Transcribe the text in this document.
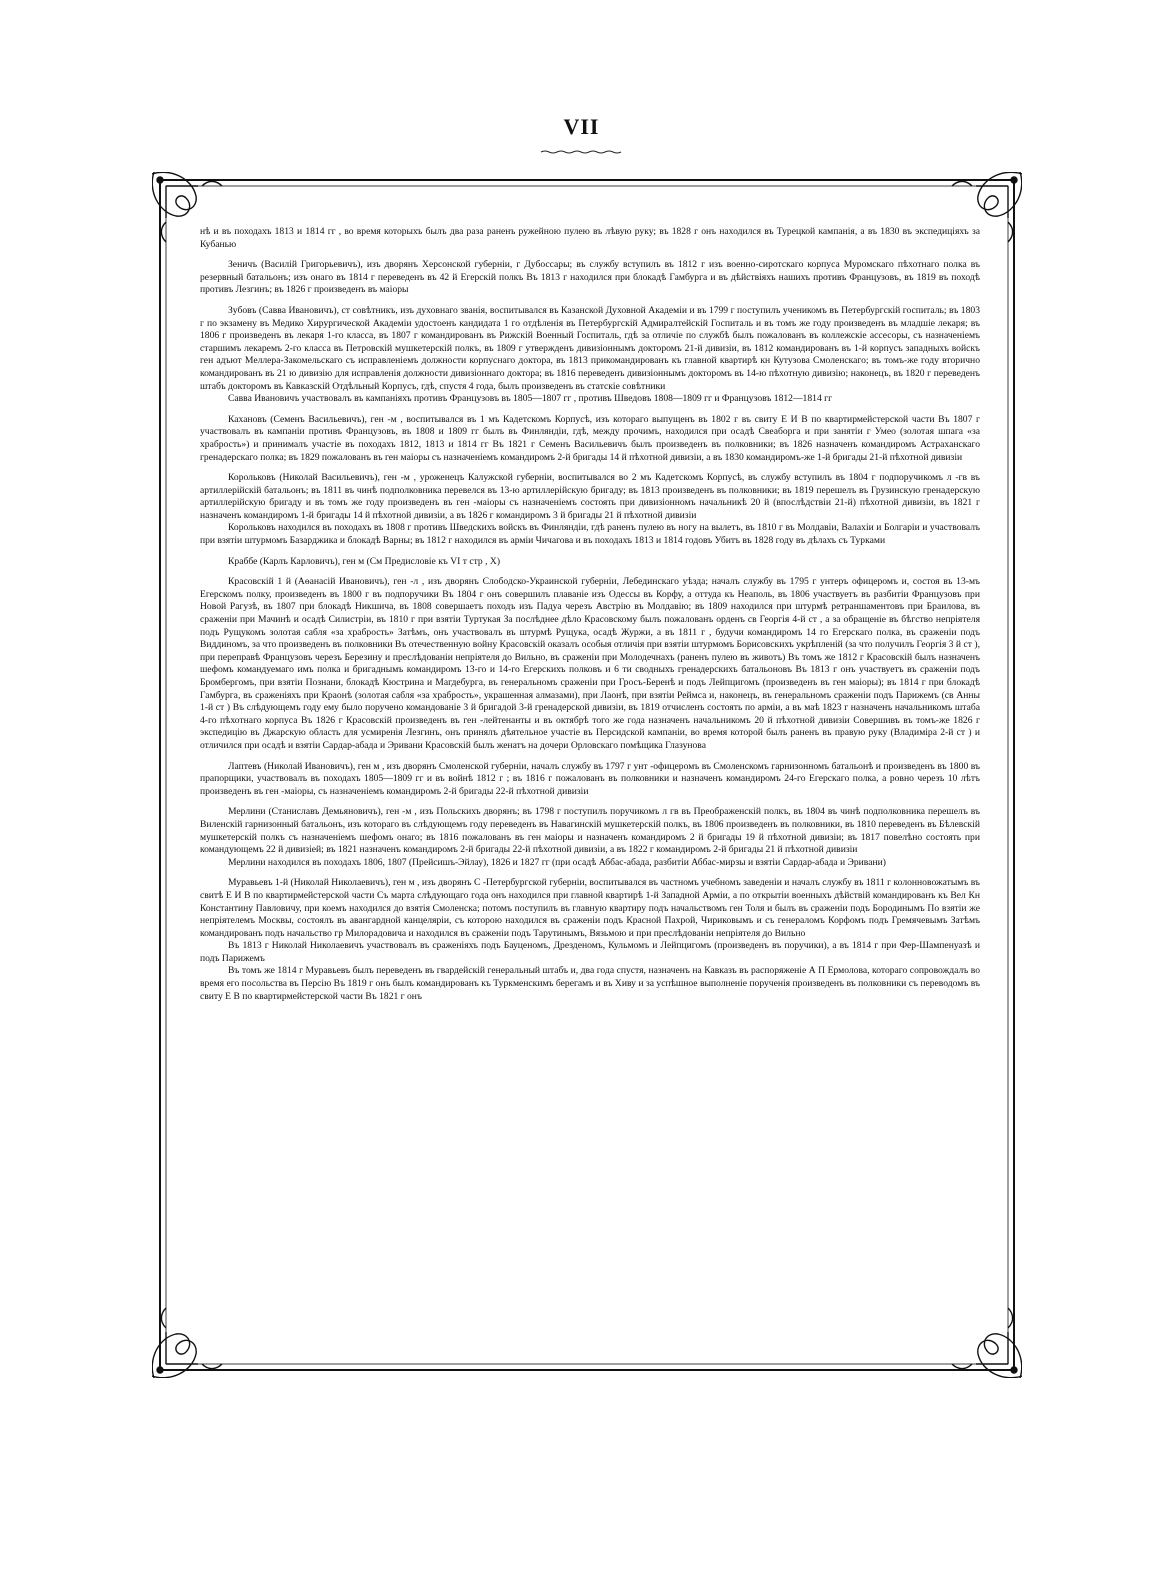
VII

нѣ и въ походахъ 1813 и 1814 гг , во время которыхъ былъ два раза раненъ ружейною пулею въ лѣвую руку; въ 1828 г онъ находился въ Турецкой кампанія, а въ 1830 въ экспедиціяхъ за Кубанью

Зеничъ (Василій Григорьевичъ), изъ дворянъ Херсонской губерніи, г Дубоссары; въ службу вступилъ въ 1812 г изъ военно-сиротскаго корпуса Муромскаго пѣхотнаго полка въ резервный батальонъ; изъ онаго въ 1814 г переведенъ въ 42 й Егерскій полкъ Въ 1813 г находился при блокадѣ Гамбурга и въ дѣйствіяхъ нашихъ противъ Французовъ, въ 1819 въ походѣ противъ Лезгинъ; въ 1826 г произведенъ въ маіоры

Зубовъ (Савва Ивановичъ), ст совѣтникъ, изъ духовнаго званія, воспитывался въ Казанской Духовной Академіи и въ 1799 г поступилъ ученикомъ въ Петербургскій госпиталь; въ 1803 г по экзамену въ Медико Хирургической Академіи удостоенъ кандидата 1 го отдѣленія въ Петербургскій Адмиралтейскій Госпиталь и въ томъ же году произведенъ въ младшіе лекаря; въ 1806 г произведенъ въ лекаря 1-го класса, въ 1807 г командированъ въ Рижскій Военный Госпиталь, гдѣ за отличіе по службѣ былъ пожалованъ въ коллежскіе ассесоры, съ назначеніемъ старшимъ лекаремъ 2-го класса въ Петровскій мушкетерскій полкъ, въ 1809 г утвержденъ дивизіоннымъ докторомъ 21-й дивизіи, въ 1812 командированъ въ 1-й корпусъ западныхъ войскъ ген адъют Меллера-Закомельскаго съ исправленіемъ должности корпуснаго доктора, въ 1813 прикомандированъ къ главной квартирѣ кн Кутузова Смоленскаго; въ томъ-же году вторично командированъ въ 21 ю дивизію для исправленія должности дивизіоннаго доктора; въ 1816 переведенъ дивизіоннымъ докторомъ въ 14-ю пѣхотную дивизію; наконецъ, въ 1820 г переведенъ штабъ докторомъ въ Кавказскій Отдѣльный Корпусъ, гдѣ, спустя 4 года, былъ произведенъ въ статскіе совѣтники

Савва Ивановичъ участвовалъ въ кампаніяхъ противъ Французовъ въ 1805—1807 гг , противъ Шведовъ 1808—1809 гг и Французовъ 1812—1814 гг

Кахановъ (Семенъ Васильевичъ), ген -м , воспитывался въ 1 мъ Кадетскомъ Корпусѣ, изъ котораго выпущенъ въ 1802 г въ свиту Е И В по квартирмейстерской части Въ 1807 г участвовалъ въ кампаніи противъ Французовъ, въ 1808 и 1809 гг былъ въ Финляндіи, гдѣ, между прочимъ, находился при осадѣ Свеаборга и при занятіи г Умео (золотая шпага «за храбрость») и принималъ участіе въ походахъ 1812, 1813 и 1814 гг Въ 1821 г Семенъ Васильевичъ былъ произведенъ въ полковники; въ 1826 назначенъ командиромъ Астраханскаго гренадерскаго полка; въ 1829 пожалованъ въ ген маіоры съ назначеніемъ командиромъ 2-й бригады 14 й пѣхотной дивизіи, а въ 1830 командиромъ-же 1-й бригады 21-й пѣхотной дивизіи

Корольковъ (Николай Васильевичъ), ген -м , уроженецъ Калужской губерніи, воспитывался во 2 мъ Кадетскомъ Корпусѣ, въ службу вступилъ въ 1804 г подпоручикомъ л -гв въ артиллерійскій батальонъ; въ 1811 въ чинѣ подполковника перевелся въ 13-ю артиллерійскую бригаду; въ 1813 произведенъ въ полковники; въ 1819 перешелъ въ Грузинскую гренадерскую артиллерійскую бригаду и въ томъ же году произведенъ въ ген -маіоры съ назначеніемъ состоять при дивизіонномъ начальникѣ 20 й (впослѣдствіи 21-й) пѣхотной дивизіи, въ 1821 г назначенъ командиромъ 1-й бригады 14 й пѣхотной дивизіи, а въ 1826 г командиромъ 3 й бригады 21 й пѣхотной дивизіи

Корольковъ находился въ походахъ въ 1808 г противъ Шведскихъ войскъ въ Финляндіи, гдѣ раненъ пулею въ ногу на вылетъ, въ 1810 г въ Молдавіи, Валахіи и Болгаріи и участвовалъ при взятіи штурмомъ Базарджика и блокадѣ Варны; въ 1812 г находился въ арміи Чичагова и въ походахъ 1813 и 1814 годовъ Убитъ въ 1828 году въ дѣлахъ съ Турками

Краббе (Карлъ Карловичъ), ген м (См Предисловіе къ VI т стр , X)

Красовскій 1 й (Аѳанасій Ивановичъ), ген -л , изъ дворянъ Слободско-Украинской губерніи, Лебединскаго уѣзда; началъ службу въ 1795 г унтеръ офицеромъ и, состоя въ 13-мъ Егерскомъ полку, произведенъ въ 1800 г въ подпоручики Въ 1804 г онъ совершилъ плаваніе изъ Одессы въ Корфу, а оттуда къ Неаполь, въ 1806 участвуетъ въ разбитіи Французовъ при Новой Рагузѣ, въ 1807 при блокадѣ Никшича, въ 1808 совершаетъ походъ изъ Падуа черезъ Австрію въ Молдавію; въ 1809 находился при штурмѣ ретраншаментовъ при Браилова, въ сраженіи при Мачинѣ и осадѣ Силистріи, въ 1810 г при взятіи Туртукая За послѣднее дѣло Красовскому былъ пожалованъ орденъ св Георгія 4-й ст , а за обращеніе въ бѣгство непріятеля подъ Рущукомъ золотая сабля «за храбрость» Затѣмъ, онъ участвовалъ въ штурмѣ Рущука, осадѣ Журжи, а въ 1811 г , будучи командиромъ 14 го Егерскаго полка, въ сраженіи подъ Виддиномъ, за что произведенъ въ полковники Въ отечественную войну Красовскій оказалъ особыя отличія при взятіи штурмомъ Борисовскихъ укрѣпленій (за что получилъ Георгія 3 й ст ), при переправѣ Французовъ черезъ Березину и преслѣдованіи непріятеля до Вильно, въ сраженіи при Молодечнахъ (раненъ пулею въ животъ) Въ томъ же 1812 г Красовскій былъ назначенъ шефомъ командуемаго имъ полка и бригаднымъ командиромъ 13-го и 14-го Егерскихъ полковъ и 6 ти сводныхъ гренадерскихъ батальоновъ Въ 1813 г онъ участвуетъ въ сраженіи подъ Бромбергомъ, при взятіи Познани, блокадѣ Кюстрина и Магдебурга, въ генеральномъ сраженіи при Гросъ-Беренѣ и подъ Лейпцигомъ (произведенъ въ ген маіоры); въ 1814 г при блокадѣ Гамбурга, въ сраженіяхъ при Краонѣ (золотая сабля «за храбрость», украшенная алмазами), при Лаонѣ, при взятіи Реймса и, наконецъ, въ генеральномъ сраженіи подъ Парижемъ (св Анны 1-й ст ) Въ слѣдующемъ году ему было поручено командованіе 3 й бригадой 3-й гренадерской дивизіи, въ 1819 отчисленъ состоять по арміи, а въ маѣ 1823 г назначенъ начальникомъ штаба 4-го пѣхотнаго корпуса Въ 1826 г Красовскій произведенъ въ ген -лейтенанты и въ октябрѣ того же года назначенъ начальникомъ 20 й пѣхотной дивизіи Совершивъ въ томъ-же 1826 г экспедицію въ Джарскую область для усмиренія Лезгинъ, онъ принялъ дѣятельное участіе въ Персидской кампаніи, во время которой былъ раненъ въ правую руку (Владиміра 2-й ст ) и отличился при осадѣ и взятіи Сардар-абада и Эривани Красовскій былъ женатъ на дочери Орловскаго помѣщика Глазунова

Лаптевъ (Николай Ивановичъ), ген м , изъ дворянъ Смоленской губерніи, началъ службу въ 1797 г унт -офицеромъ въ Смоленскомъ гарнизонномъ батальонѣ и произведенъ въ 1800 въ прапорщики, участвовалъ въ походахъ 1805—1809 гг и въ войнѣ 1812 г ; въ 1816 г пожалованъ въ полковники и назначенъ командиромъ 24-го Егерскаго полка, а ровно черезъ 10 лѣтъ произведенъ въ ген -маіоры, съ назначеніемъ командиромъ 2-й бригады 22-й пѣхотной дивизіи

Мерлини (Станиславъ Демьяновичъ), ген -м , изъ Польскихъ дворянъ; въ 1798 г поступилъ поручикомъ л гв въ Преображенскій полкъ, въ 1804 въ чинѣ подполковника перешелъ въ Виленскій гарнизонный батальонъ, изъ котораго въ слѣдующемъ году переведенъ въ Навагинскій мушкетерскій полкъ, въ 1806 произведенъ въ полковники, въ 1810 переведенъ въ Бѣлевскій мушкетерскій полкъ съ назначеніемъ шефомъ онаго; въ 1816 пожалованъ въ ген маіоры и назначенъ командиромъ 2 й бригады 19 й пѣхотной дивизіи; въ 1817 повелѣно состоять при командующемъ 22 й дивизіей; въ 1821 назначенъ командиромъ 2-й бригады 22-й пѣхотной дивизіи, а въ 1822 г командиромъ 2-й бригады 21 й пѣхотной дивизіи

Мерлини находился въ походахъ 1806, 1807 (Прейсишъ-Эйлау), 1826 и 1827 гг (при осадѣ Аббас-абада, разбитіи Аббас-мирзы и взятіи Сардар-абада и Эривани)

Муравьевъ 1-й (Николай Николаевичъ), ген м , изъ дворянъ С -Петербургской губерніи, воспитывался въ частномъ учебномъ заведеніи и началъ службу въ 1811 г колонновожатымъ въ свитѣ Е И В по квартирмейстерской части Съ марта слѣдующаго года онъ находился при главной квартирѣ 1-й Западной Арміи, а по открытіи военныхъ дѣйствій командированъ къ Вел Кн Константину Павловичу, при коемъ находился до взятія Смоленска; потомъ поступилъ въ главную квартиру подъ начальствомъ ген Толя и былъ въ сраженіи подъ Бородинымъ По взятіи же непріятелемъ Москвы, состоялъ въ авангардной канцеляріи, съ которою находился въ сраженіи подъ Красной Пахрой, Чириковымъ и съ генераломъ Корфомъ подъ Гремячевымъ Затѣмъ командированъ подъ начальство гр Милорадовича и находился въ сраженіи подъ Тарутинымъ, Вязьмою и при преслѣдованіи непріятеля до Вильно

Въ 1813 г Николай Николаевичъ участвовалъ въ сраженіяхъ подъ Бауценомъ, Дрезденомъ, Кульмомъ и Лейпцигомъ (произведенъ въ поручики), а въ 1814 г при Фер-Шампенуазѣ и подъ Парижемъ

Въ томъ же 1814 г Муравьевъ былъ переведенъ въ гвардейскій генеральный штабъ и, два года спустя, назначенъ на Кавказъ въ распоряженіе А П Ермолова, котораго сопровождалъ во время его посольства въ Персію Въ 1819 г онъ былъ командированъ къ Туркменскимъ берегамъ и въ Хиву и за успѣшное выполненіе порученія произведенъ въ полковники съ переводомъ въ свиту Е В по квартирмейстерской части Въ 1821 г онъ
